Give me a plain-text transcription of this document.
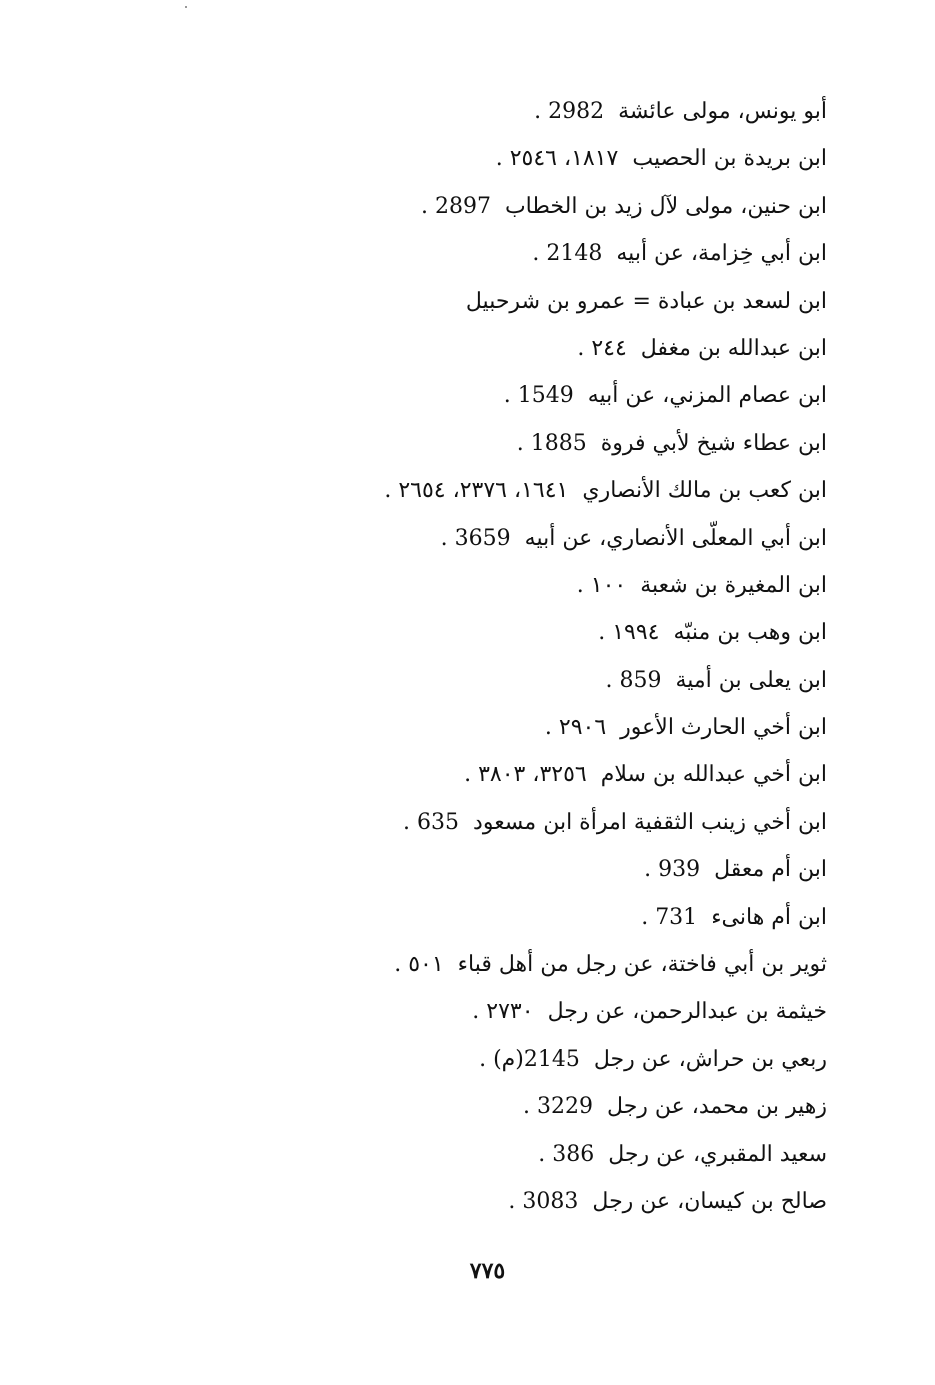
أبو يونس، مولى عائشة2982 .
ابن بريدة بن الحصيب١٨١٧، ٢٥٤٦ .
ابن حنين، مولى لآل زيد بن الخطاب2897 .
ابن أبي خِزامة، عن أبيه2148 .
ابن لسعد بن عبادة = عمرو بن شرحبيل
ابن عبدالله بن مغفل٢٤٤ .
ابن عصام المزني، عن أبيه1549 .
ابن عطاء شيخ لأبي فروة1885 .
ابن كعب بن مالك الأنصاري١٦٤١، ٢٣٧٦، ٢٦٥٤ .
ابن أبي المعلّى الأنصاري، عن أبيه3659 .
ابن المغيرة بن شعبة١٠٠ .
ابن وهب بن منبّه١٩٩٤ .
ابن يعلى بن أمية859 .
ابن أخي الحارث الأعور٢٩٠٦ .
ابن أخي عبدالله بن سلام٣٢٥٦، ٣٨٠٣ .
ابن أخي زينب الثقفية امرأة ابن مسعود635 .
ابن أم معقل939 .
ابن أم هانىء731 .
ثوير بن أبي فاختة، عن رجل من أهل قباء٥٠١ .
خيثمة بن عبدالرحمن، عن رجل٢٧٣٠ .
ربعي بن حراش، عن رجل2145(م) .
زهير بن محمد، عن رجل3229 .
سعيد المقبري، عن رجل386 .
صالح بن كيسان، عن رجل3083 .
٧٧٥
